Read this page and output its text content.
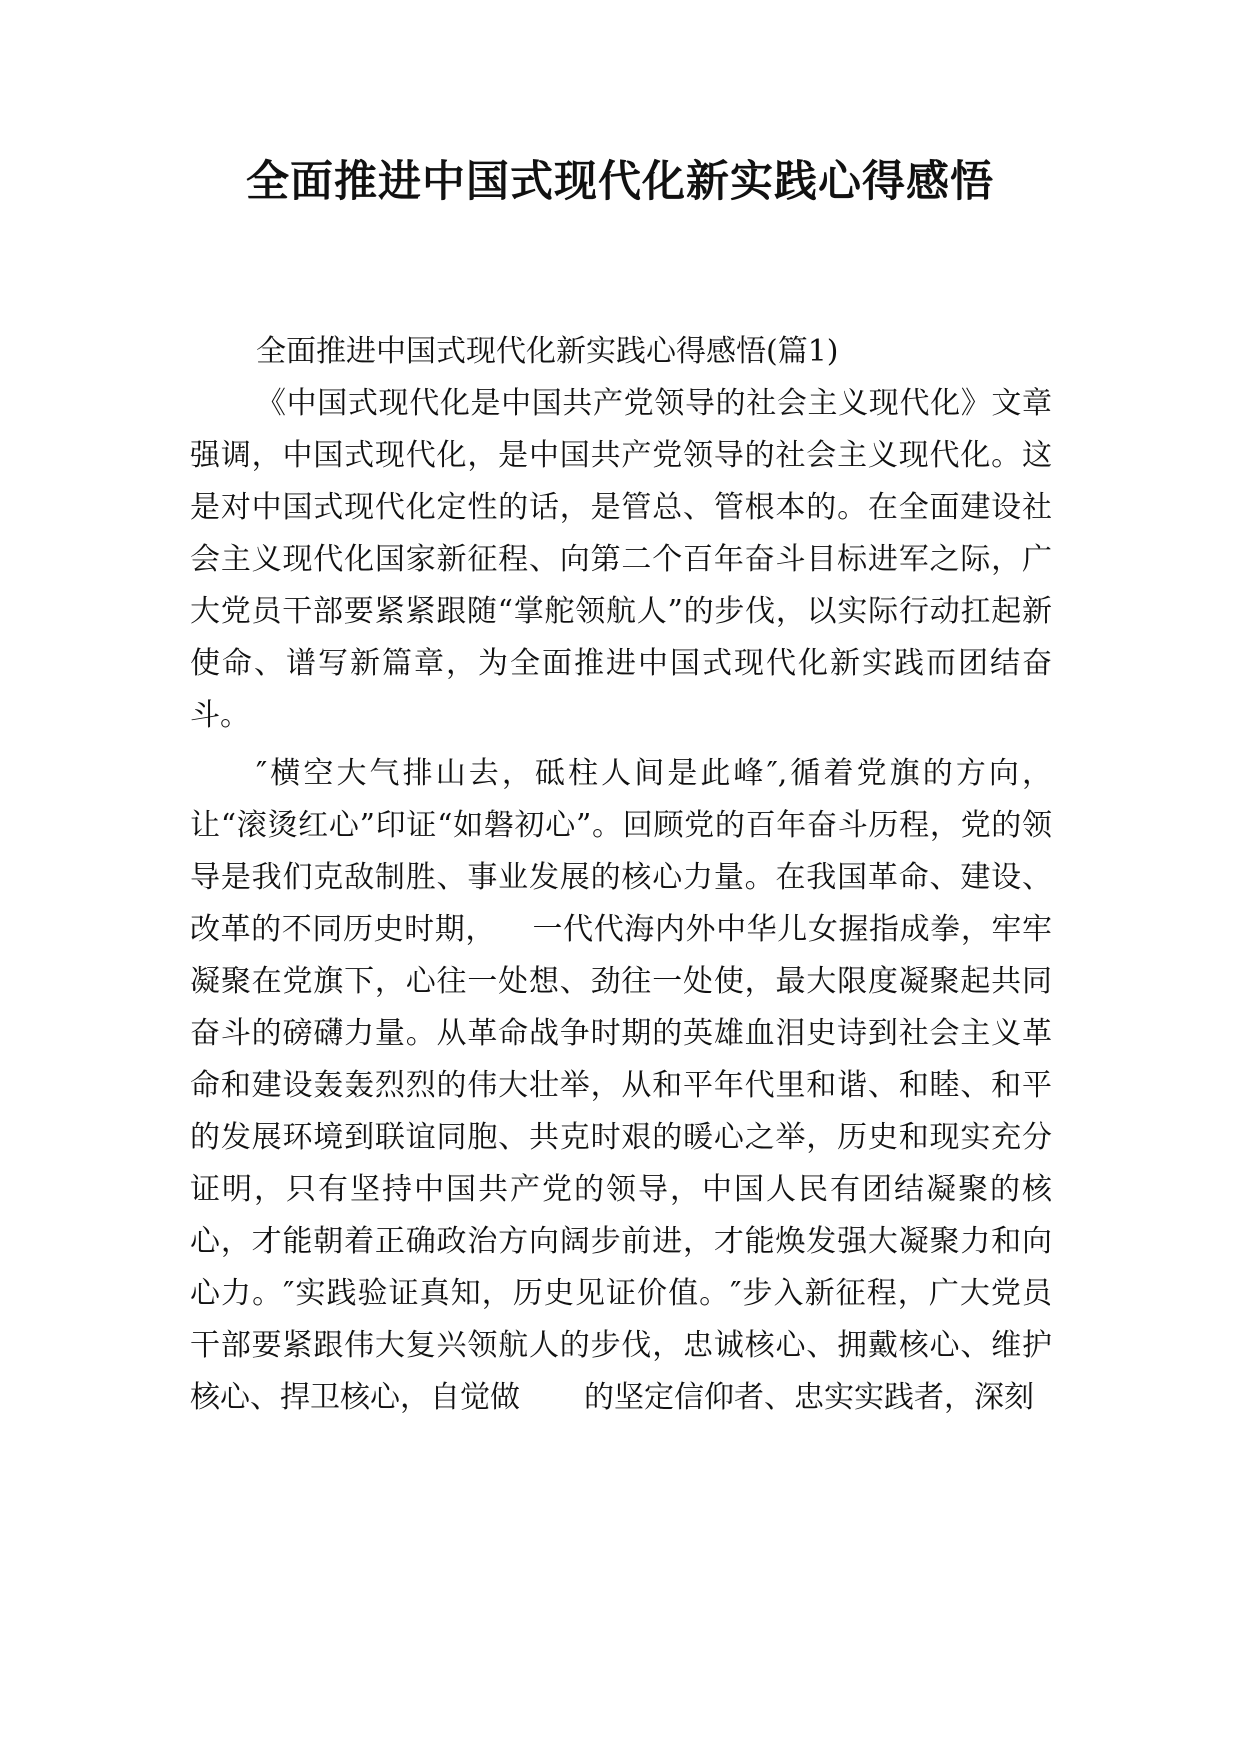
全面推进中国式现代化新实践心得感悟

全面推进中国式现代化新实践心得感悟(篇1)

《中国式现代化是中国共产党领导的社会主义现代化》文章强调，中国式现代化，是中国共产党领导的社会主义现代化。这是对中国式现代化定性的话，是管总、管根本的。在全面建设社会主义现代化国家新征程、向第二个百年奋斗目标进军之际，广大党员干部要紧紧跟随“掌舵领航人”的步伐，以实际行动扛起新使命、谱写新篇章，为全面推进中国式现代化新实践而团结奋斗。

″横空大气排山去，砥柱人间是此峰″,循着党旗的方向，让“滚烫红心”印证“如磐初心”。回顾党的百年奋斗历程，党的领导是我们克敌制胜、事业发展的核心力量。在我国革命、建设、改革的不同历史时期， 一代代海内外中华儿女握指成拳，牢牢凝聚在党旗下，心往一处想、劲往一处使，最大限度凝聚起共同奋斗的磅礴力量。从革命战争时期的英雄血泪史诗到社会主义革命和建设轰轰烈烈的伟大壮举，从和平年代里和谐、和睦、和平的发展环境到联谊同胞、共克时艰的暖心之举，历史和现实充分证明，只有坚持中国共产党的领导，中国人民有团结凝聚的核心，才能朝着正确政治方向阔步前进，才能焕发强大凝聚力和向心力。″实践验证真知，历史见证价值。″步入新征程，广大党员干部要紧跟伟大复兴领航人的步伐，忠诚核心、拥戴核心、维护核心、捍卫核心，自觉做 的坚定信仰者、忠实实践者，深刻
